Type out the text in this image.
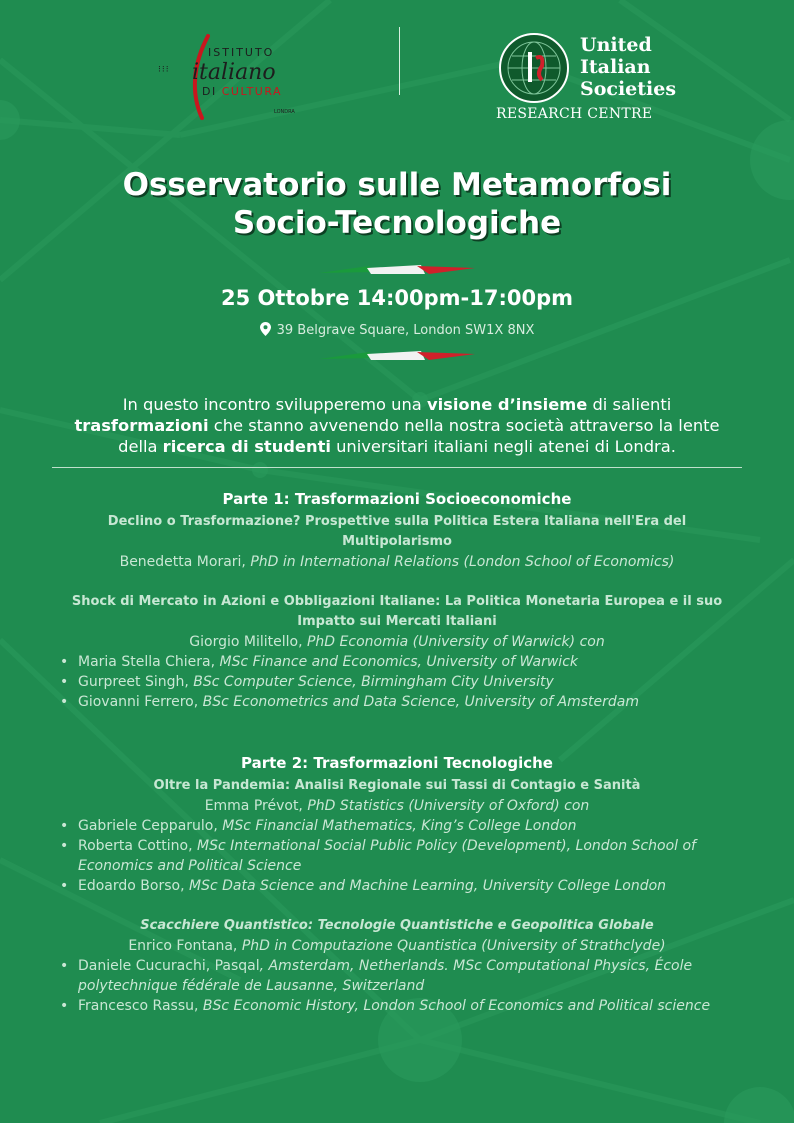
⁝⁝⁝
ISTITUTO
italiano
DI CULTURA
LONDRA
United
Italian
Societies
RESEARCH CENTRE
Osservatorio sulle Metamorfosi
Socio-Tecnologiche
25 Ottobre 14:00pm-17:00pm
39 Belgrave Square, London SW1X 8NX
In questo incontro svilupperemo una visione d’insieme di salienti
trasformazioni che stanno avvenendo nella nostra società attraverso la lente della ricerca di studenti universitari italiani negli atenei di Londra.
Parte 1: Trasformazioni Socioeconomiche
Declino o Trasformazione? Prospettive sulla Politica Estera Italiana nell'Era del
Multipolarismo
Benedetta Morari, PhD in International Relations (London School of Economics)
Shock di Mercato in Azioni e Obbligazioni Italiane: La Politica Monetaria Europea e il suo
Impatto sui Mercati Italiani
Giorgio Militello, PhD Economia (University of Warwick) con
• Maria Stella Chiera, MSc Finance and Economics, University of Warwick
• Gurpreet Singh, BSc Computer Science, Birmingham City University
• Giovanni Ferrero, BSc Econometrics and Data Science, University of Amsterdam
Parte 2: Trasformazioni Tecnologiche
Oltre la Pandemia: Analisi Regionale sui Tassi di Contagio e Sanità
Emma Prévot, PhD Statistics (University of Oxford) con
• Gabriele Cepparulo, MSc Financial Mathematics, King’s College London
• Roberta Cottino, MSc International Social Public Policy (Development), London School of Economics and Political Science
• Edoardo Borso, MSc Data Science and Machine Learning, University College London
Scacchiere Quantistico: Tecnologie Quantistiche e Geopolitica Globale
Enrico Fontana, PhD in Computazione Quantistica (University of Strathclyde)
• Daniele Cucurachi, Pasqal, Amsterdam, Netherlands. MSc Computational Physics, École polytechnique fédérale de Lausanne, Switzerland
• Francesco Rassu, BSc Economic History, London School of Economics and Political science
